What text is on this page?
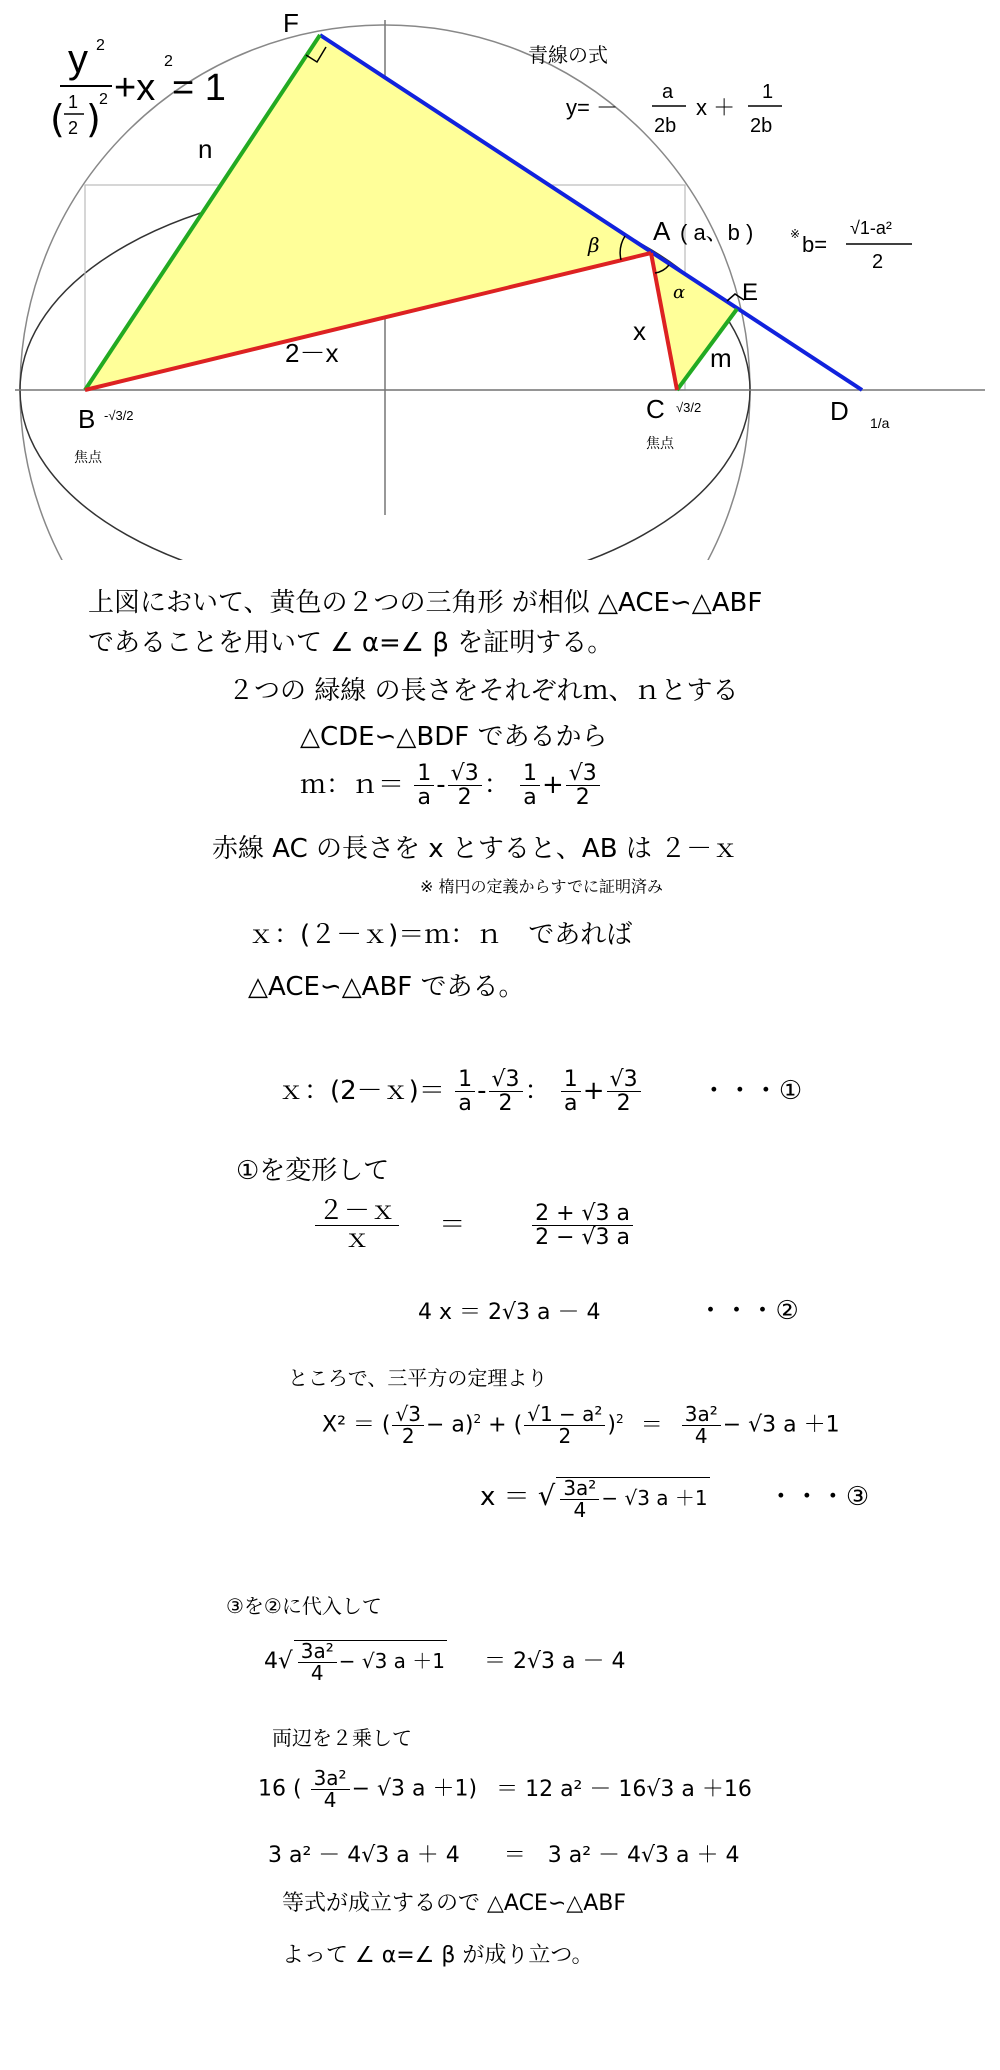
F
A ( a、b )
E
B -√3/2
焦点
C √3/2
焦点
D 1/a
n
m
x
2－x
β
α
y 2
( 1
2 )
2 +x
2
= 1
青線の式
y= －
a
2b
x ＋
1
2b
※ b=
√1-a²
2
上図において、黄色の２つの三角形 が相似 △ACE∽△ABF
であることを用いて ∠ α=∠ β を証明する。
２つの 緑線 の長さをそれぞれｍ、ｎとする
△CDE∽△BDF であるから
ｍ：ｎ＝ $\frac{1}{a} - \frac{√3}{2}$ ： $\frac{1}{a} + \frac{√3}{2}$
赤線 AC の長さを x とすると、AB は ２－ｘ
※ 楕円の定義からすでに証明済み
ｘ：(２－ｘ)＝ｍ：ｎ　であれば
△ACE∽△ABF である。
ｘ：(2－ｘ)＝ $\frac{1}{a} - \frac{√3}{2}$ ： $\frac{1}{a} + \frac{√3}{2}$ ・・・①
①を変形して
$\frac{\text{２－ｘ}}{\text{ｘ}} = \frac{2 + √3 a}{2 - √3 a}$
4 x ＝ 2√3 a － 4	・・・②
ところで、三平方の定理より
X² ＝ ( $\frac{√3}{2} - a)^2$ + ( $\frac{\text{√1 − a²}}{2} )^2 = \frac{\text{3a²}}{4} - √3$ a ＋1
x ＝ √ $\frac{\text{3a²}}{4} - √3$ a ＋1 ・・・③
③を②に代入して
$4√ \frac{\text{3a²}}{4} - √3$ a ＋1 ＝ 2√3 a － 4
両辺を２乗して
16 ( $\frac{\text{3a²}}{4} - √3$ a ＋1) ＝ 12 a² － 16√3 a ＋16
3 a² － 4√3 a ＋ 4　　＝　3 a² － 4√3 a ＋ 4
等式が成立するので △ACE∽△ABF
よって ∠ α=∠ β が成り立つ。
